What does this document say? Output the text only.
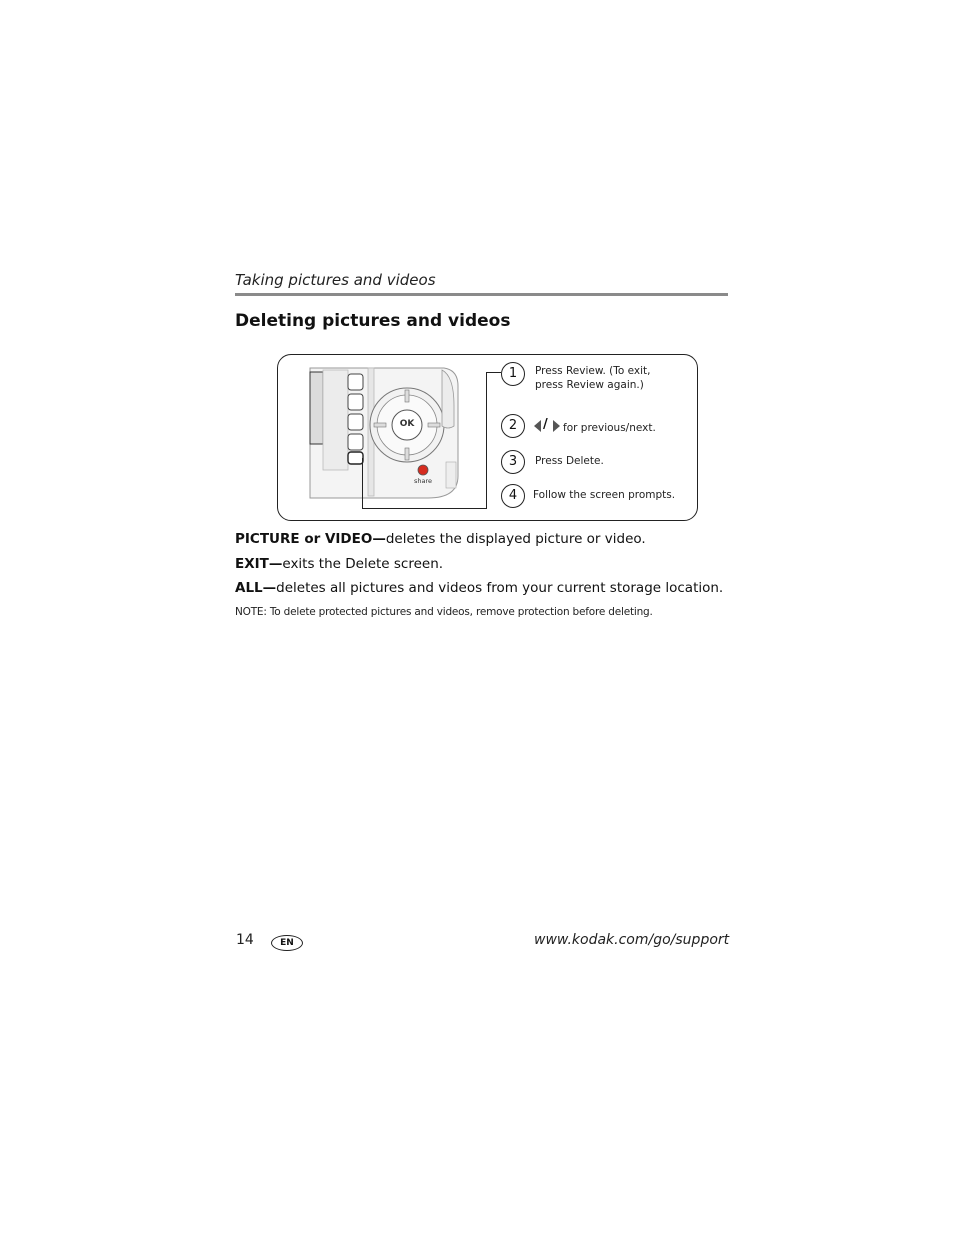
Taking pictures and videos
Deleting pictures and videos
OK
share
1	Press Review. (To exit, press Review again.)
2	/ for previous/next.
3	Press Delete.
4	Follow the screen prompts.
PICTURE or VIDEO—deletes the displayed picture or video.
EXIT—exits the Delete screen.
ALL—deletes all pictures and videos from your current storage location.
NOTE: To delete protected pictures and videos, remove protection before deleting.
14	EN	www.kodak.com/go/support
